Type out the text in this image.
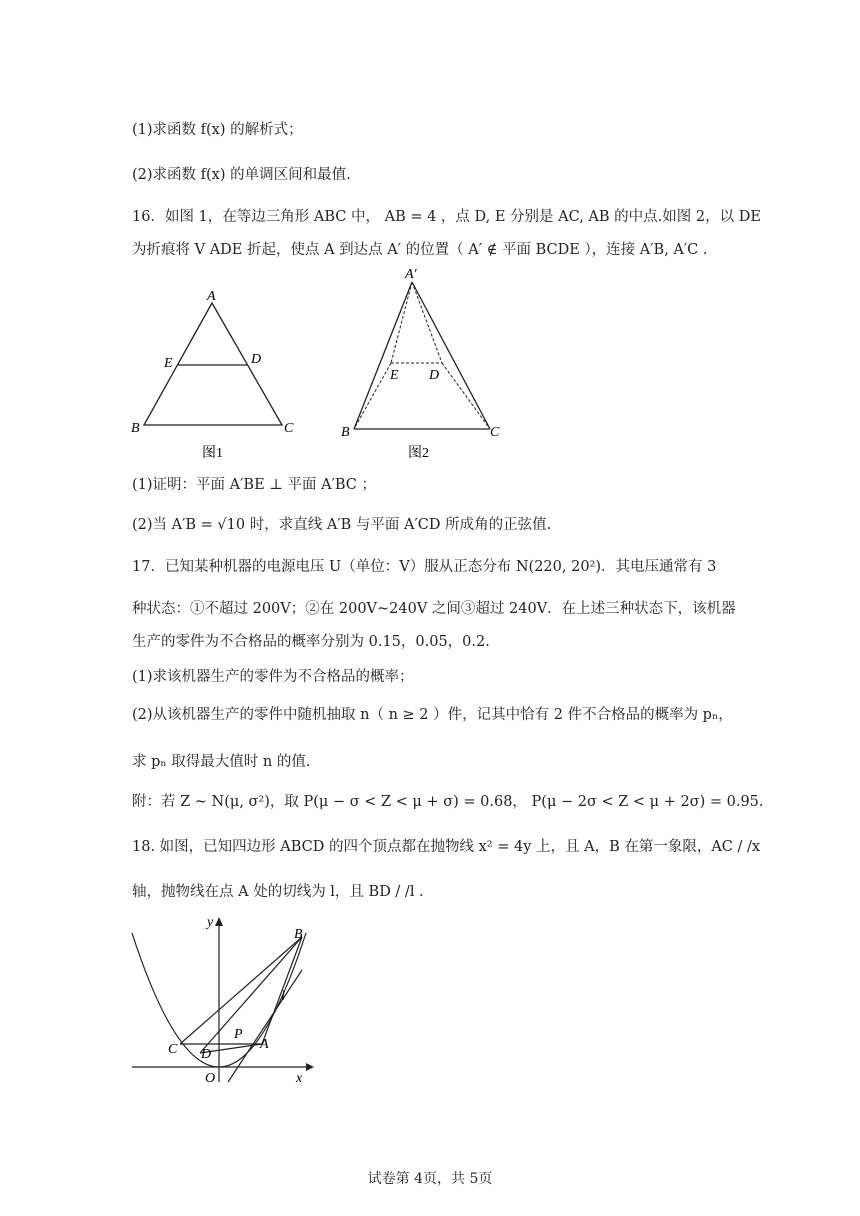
(1)求函数 f(x) 的解析式；
(2)求函数 f(x) 的单调区间和最值.
16．如图 1，在等边三角形 ABC 中， AB = 4 ，点 D, E 分别是 AC, AB 的中点.如图 2，以 DE
为折痕将 V ADE 折起，使点 A 到达点 A′ 的位置（ A′ ∉ 平面 BCDE ），连接 A′B, A′C .
A
E	D
B	C
图1
A′
E D
B	C
图2
(1)证明：平面 A′BE ⊥ 平面 A′BC ；
(2)当 A′B = √10 时，求直线 A′B 与平面 A′CD 所成角的正弦值.
17．已知某种机器的电源电压 U（单位：V）服从正态分布 N(220, 20²)．其电压通常有 3
种状态：①不超过 200V；②在 200V~240V 之间③超过 240V．在上述三种状态下，该机器
生产的零件为不合格品的概率分别为 0.15，0.05，0.2.
(1)求该机器生产的零件为不合格品的概率；
(2)从该机器生产的零件中随机抽取 n（ n ≥ 2 ）件，记其中恰有 2 件不合格品的概率为 pₙ，
求 pₙ 取得最大值时 n 的值.
附：若 Z ~ N(μ, σ²)，取 P(μ − σ < Z < μ + σ) = 0.68， P(μ − 2σ < Z < μ + 2σ) = 0.95.
18. 如图，已知四边形 ABCD 的四个顶点都在抛物线 x² = 4y 上，且 A，B 在第一象限，AC / /x
轴，抛物线在点 A 处的切线为 l，且 BD / /l .
y
x
B
l
P
A
C D
O
试卷第 4页，共 5页
